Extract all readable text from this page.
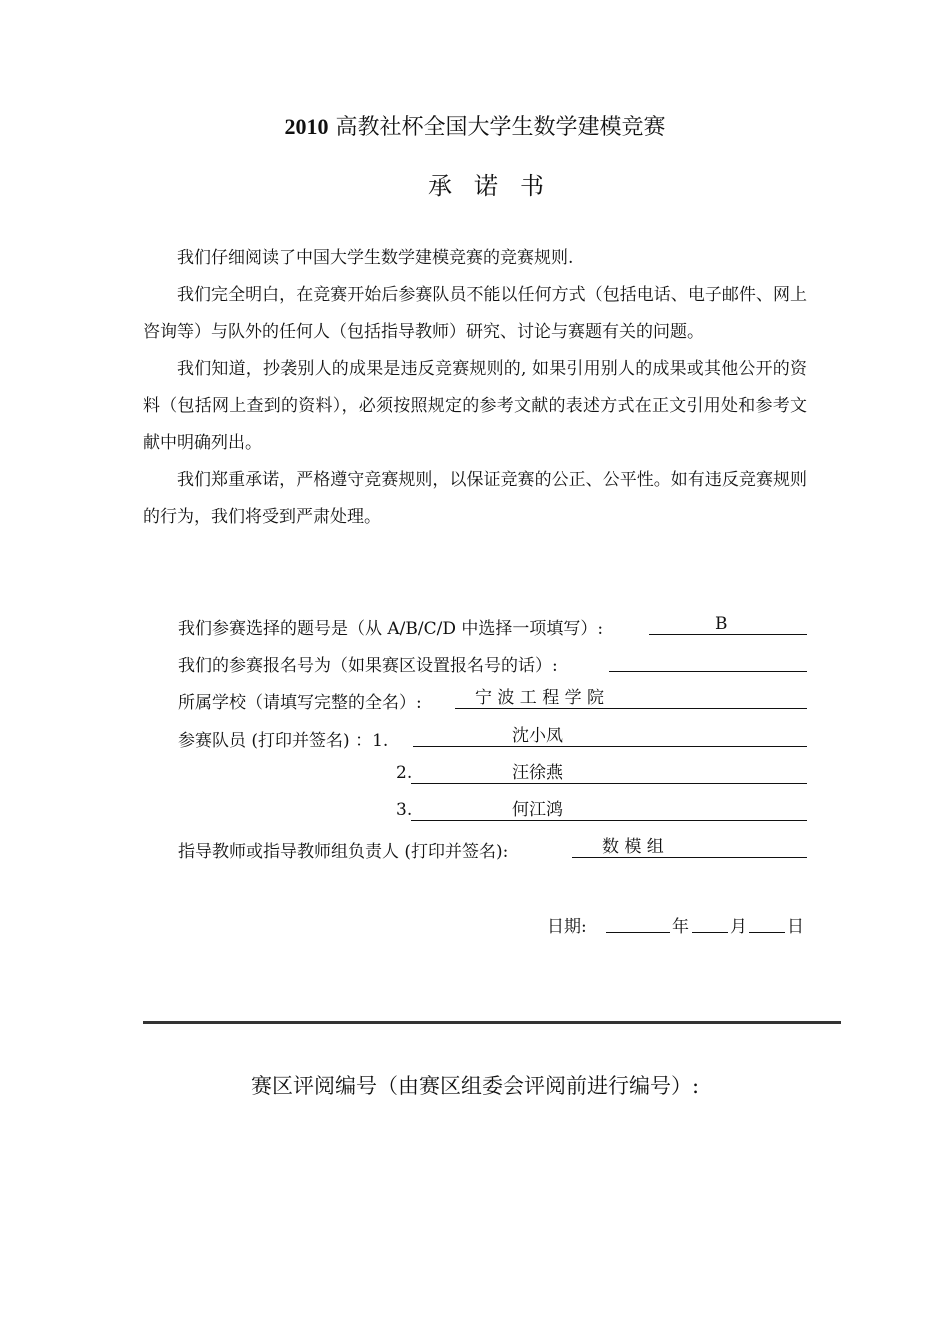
2010 高教社杯全国大学生数学建模竞赛
承诺书

我们仔细阅读了中国大学生数学建模竞赛的竞赛规则.

我们完全明白，在竞赛开始后参赛队员不能以任何方式（包括电话、电子邮件、网上咨询等）与队外的任何人（包括指导教师）研究、讨论与赛题有关的问题。

我们知道，抄袭别人的成果是违反竞赛规则的, 如果引用别人的成果或其他公开的资料（包括网上查到的资料），必须按照规定的参考文献的表述方式在正文引用处和参考文献中明确列出。

我们郑重承诺，严格遵守竞赛规则，以保证竞赛的公正、公平性。如有违反竞赛规则的行为，我们将受到严肃处理。

我们参赛选择的题号是（从 A/B/C/D 中选择一项填写）:	B
我们的参赛报名号为（如果赛区设置报名号的话）:
所属学校（请填写完整的全名）:	宁 波 工 程 学 院
参赛队员 (打印并签名) ：1.	沈小凤
2.	汪徐燕
3.	何江鸿
指导教师或指导教师组负责人 (打印并签名):	数 模 组
日期:	年 月 日
赛区评阅编号（由赛区组委会评阅前进行编号）:
